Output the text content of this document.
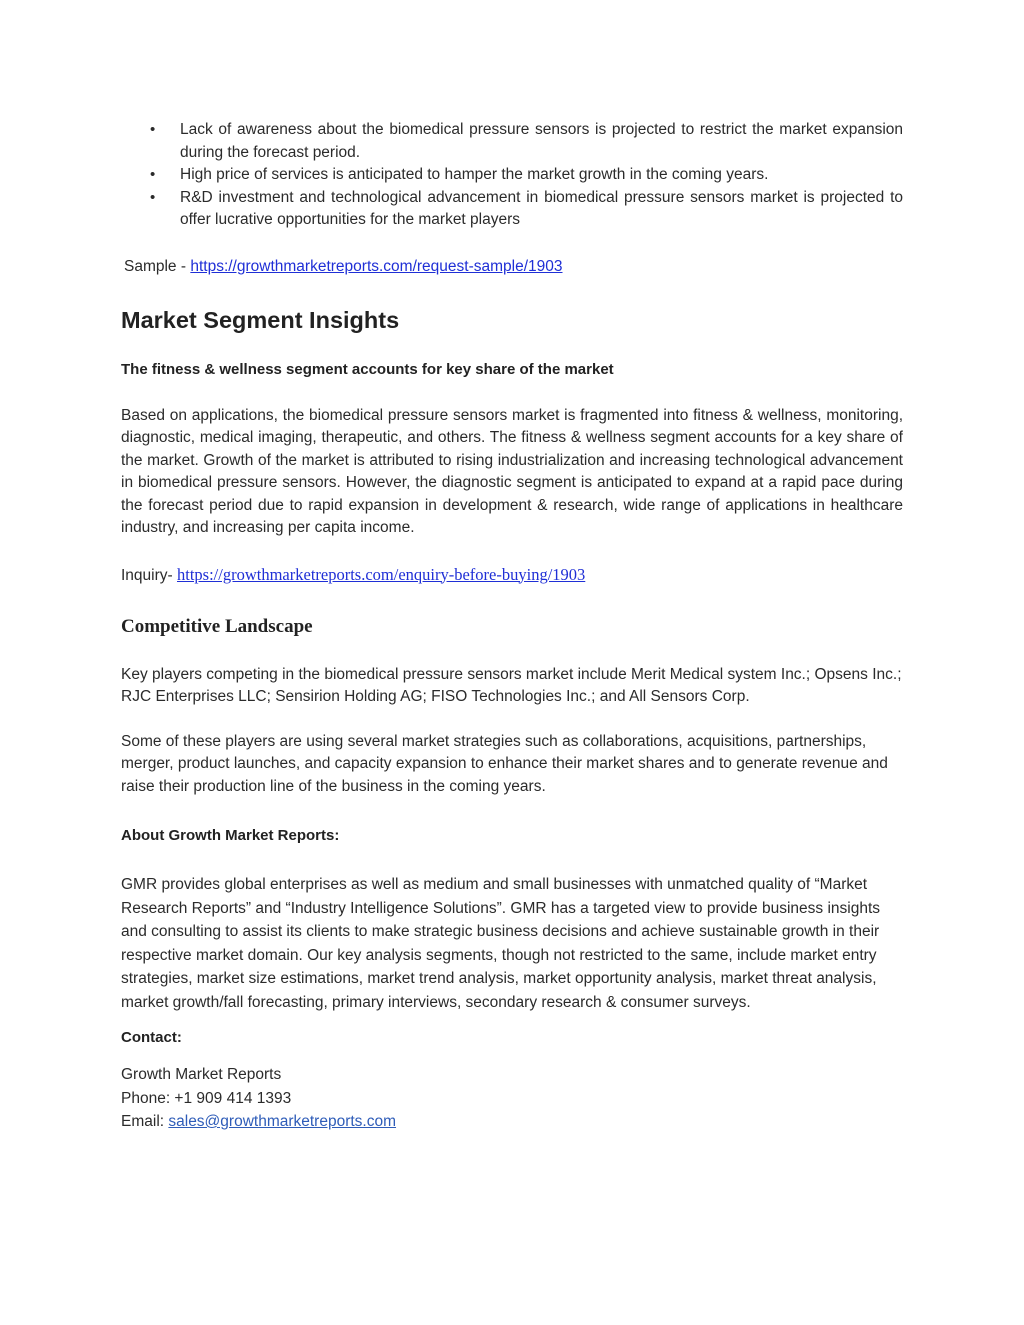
• Lack of awareness about the biomedical pressure sensors is projected to restrict the market expansion during the forecast period.
• High price of services is anticipated to hamper the market growth in the coming years.
• R&D investment and technological advancement in biomedical pressure sensors market is projected to offer lucrative opportunities for the market players
Sample - https://growthmarketreports.com/request-sample/1903
Market Segment Insights
The fitness & wellness segment accounts for key share of the market
Based on applications, the biomedical pressure sensors market is fragmented into fitness & wellness, monitoring, diagnostic, medical imaging, therapeutic, and others. The fitness & wellness segment accounts for a key share of the market. Growth of the market is attributed to rising industrialization and increasing technological advancement in biomedical pressure sensors. However, the diagnostic segment is anticipated to expand at a rapid pace during the forecast period due to rapid expansion in development & research, wide range of applications in healthcare industry, and increasing per capita income.
Inquiry- https://growthmarketreports.com/enquiry-before-buying/1903
Competitive Landscape
Key players competing in the biomedical pressure sensors market include Merit Medical system Inc.; Opsens Inc.; RJC Enterprises LLC; Sensirion Holding AG; FISO Technologies Inc.; and All Sensors Corp.
Some of these players are using several market strategies such as collaborations, acquisitions, partnerships, merger, product launches, and capacity expansion to enhance their market shares and to generate revenue and raise their production line of the business in the coming years.
About Growth Market Reports:
GMR provides global enterprises as well as medium and small businesses with unmatched quality of “Market Research Reports” and “Industry Intelligence Solutions”. GMR has a targeted view to provide business insights and consulting to assist its clients to make strategic business decisions and achieve sustainable growth in their respective market domain. Our key analysis segments, though not restricted to the same, include market entry strategies, market size estimations, market trend analysis, market opportunity analysis, market threat analysis, market growth/fall forecasting, primary interviews, secondary research & consumer surveys.
Contact:
Growth Market Reports
Phone: +1 909 414 1393
Email: sales@growthmarketreports.com
